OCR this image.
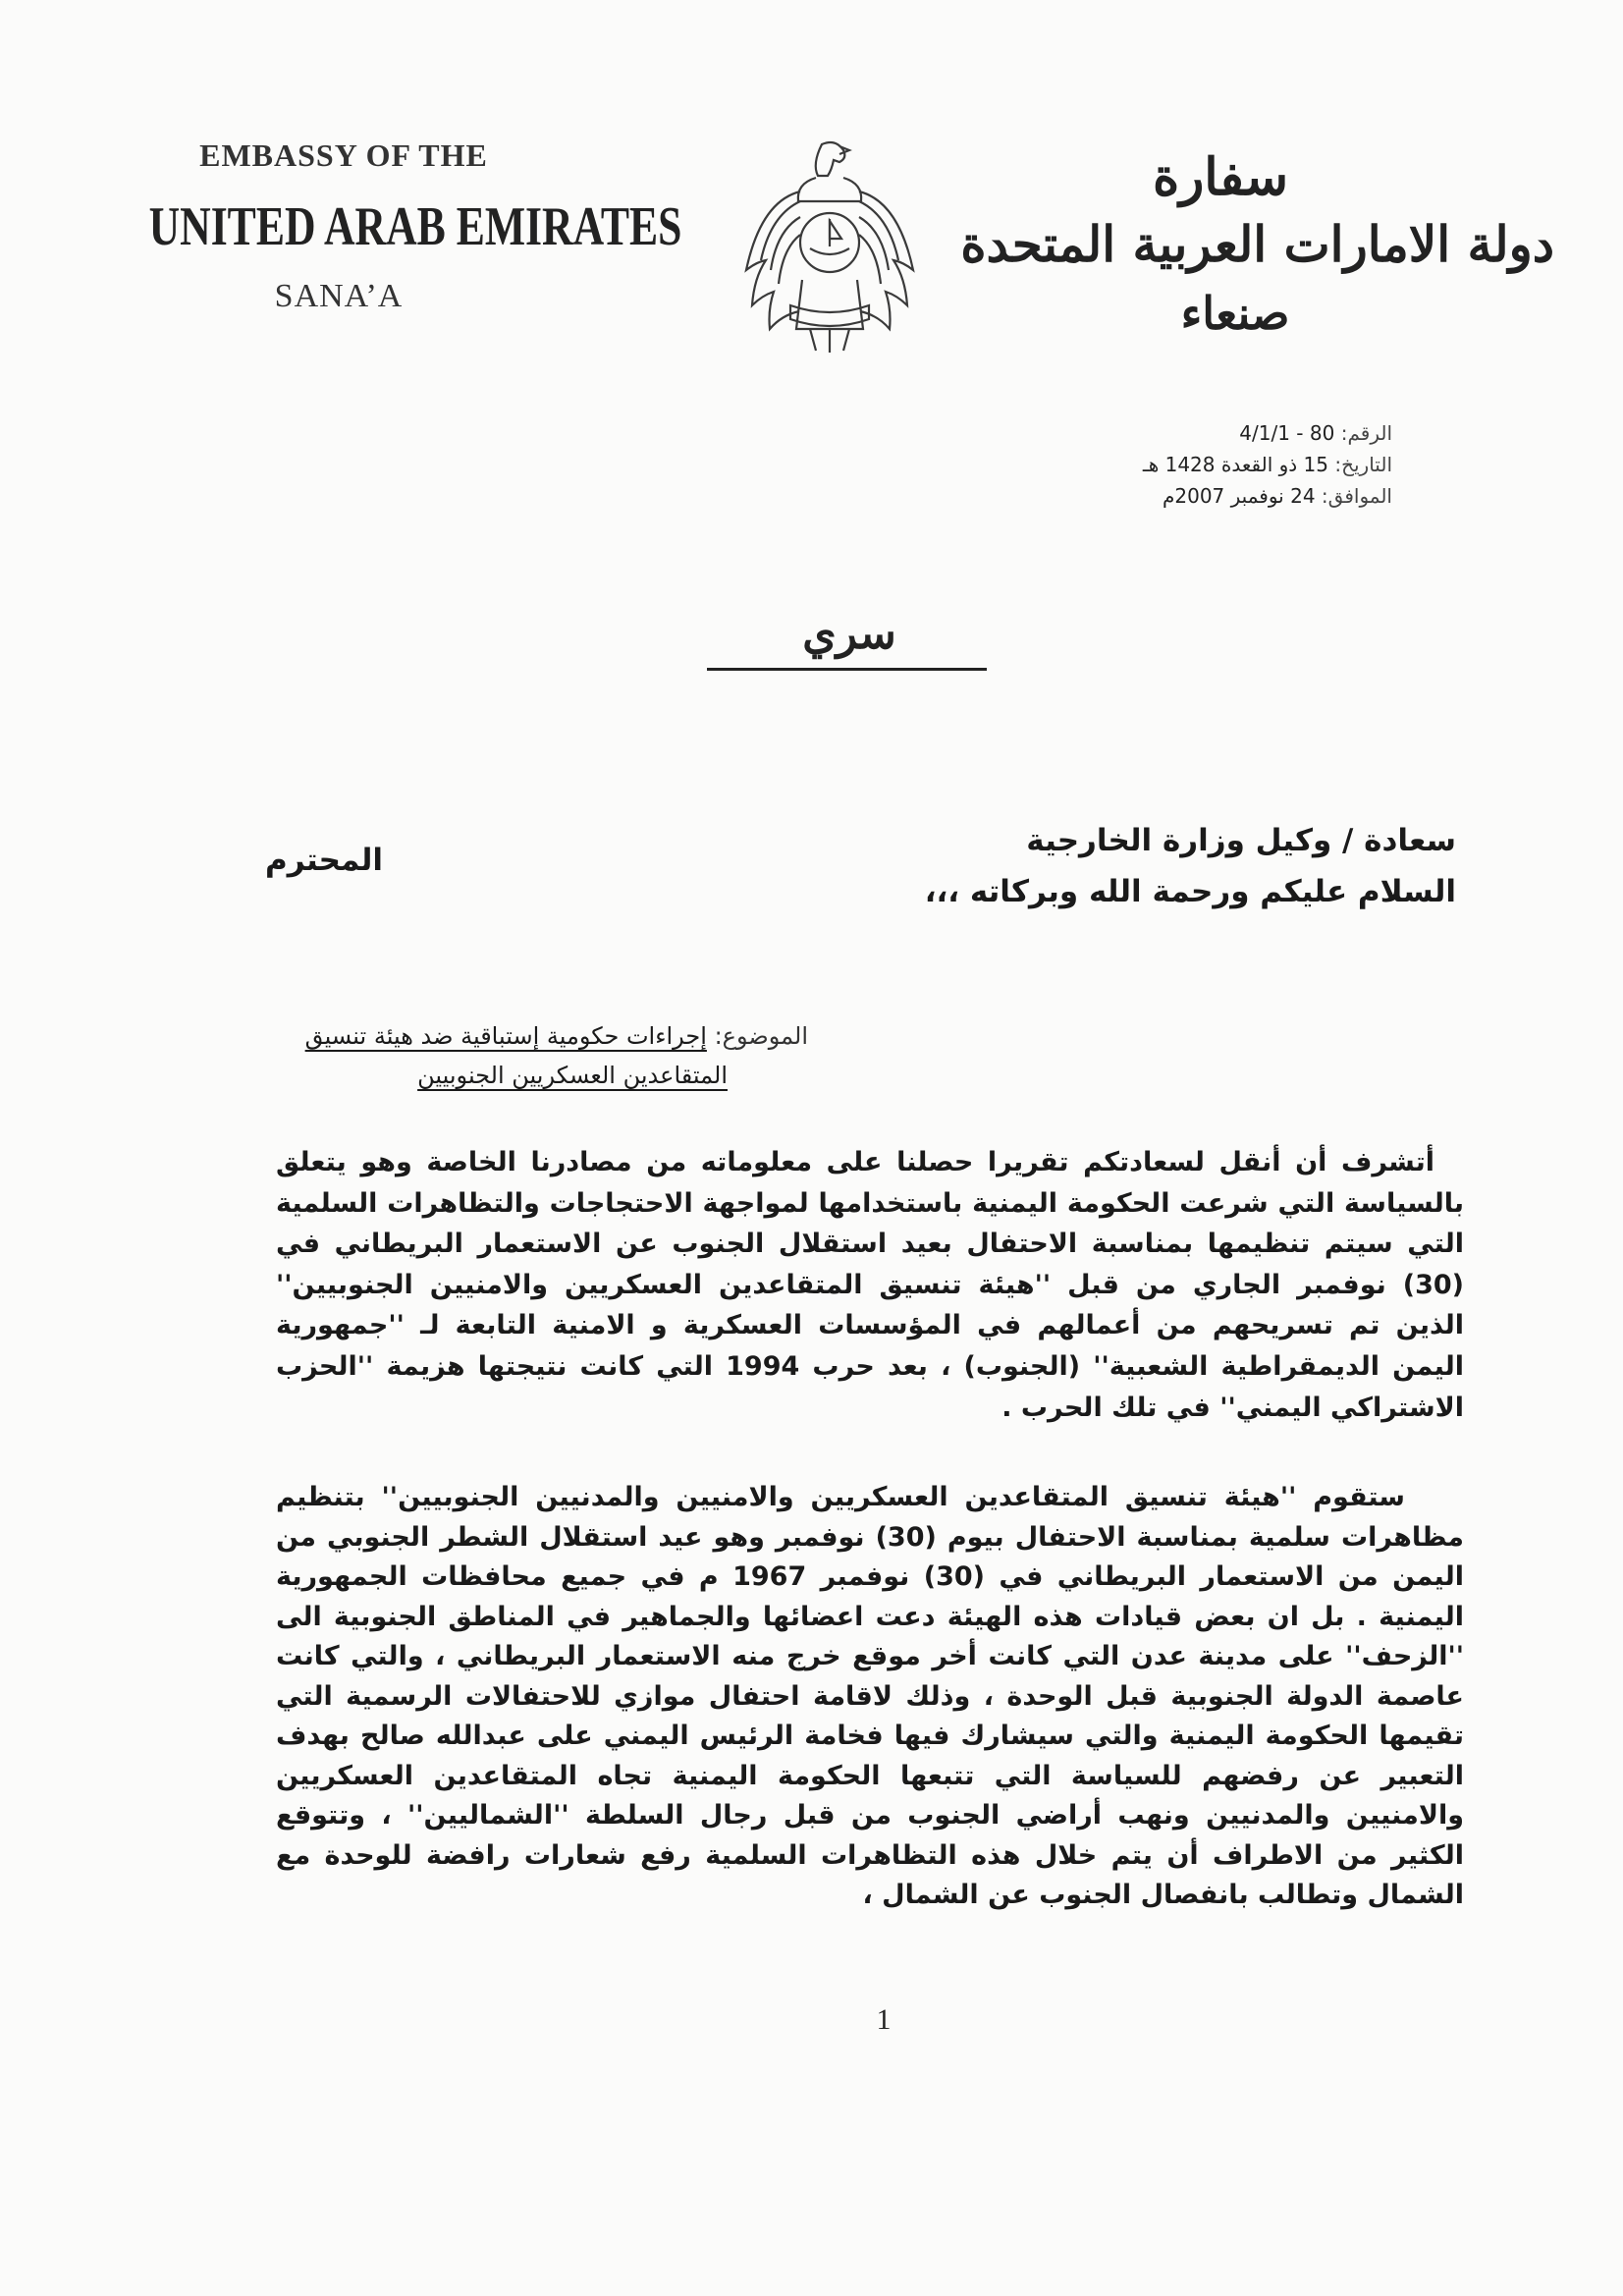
EMBASSY OF THE
UNITED ARAB EMIRATES
SANA’A
سفارة
دولة الامارات العربية المتحدة
صنعاء
الرقم: 80 - 4/1/1
التاريخ: 15 ذو القعدة 1428 هـ
الموافق: 24 نوفمبر 2007م
سري
سعادة / وكيل وزارة الخارجية
السلام عليكم ورحمة الله وبركاته ،،،
المحترم
الموضوع: إجراءات حكومية إستباقية ضد هيئة تنسيق
المتقاعدين العسكريين الجنوبيين
أتشرف أن أنقل لسعادتكم تقريرا حصلنا على معلوماته من مصادرنا الخاصة وهو يتعلق بالسياسة التي شرعت الحكومة اليمنية باستخدامها لمواجهة الاحتجاجات والتظاهرات السلمية التي سيتم تنظيمها بمناسبة الاحتفال بعيد استقلال الجنوب عن الاستعمار البريطاني في (30) نوفمبر الجاري من قبل ''هيئة تنسيق المتقاعدين العسكريين والامنيين الجنوبيين'' الذين تم تسريحهم من أعمالهم في المؤسسات العسكرية و الامنية التابعة لـ ''جمهورية اليمن الديمقراطية الشعبية'' (الجنوب) ، بعد حرب 1994 التي كانت نتيجتها هزيمة ''الحزب الاشتراكي اليمني'' في تلك الحرب .
ستقوم ''هيئة تنسيق المتقاعدين العسكريين والامنيين والمدنيين الجنوبيين'' بتنظيم مظاهرات سلمية بمناسبة الاحتفال بيوم (30) نوفمبر وهو عيد استقلال الشطر الجنوبي من اليمن من الاستعمار البريطاني في (30) نوفمبر 1967 م في جميع محافظات الجمهورية اليمنية . بل ان بعض قيادات هذه الهيئة دعت اعضائها والجماهير في المناطق الجنوبية الى ''الزحف'' على مدينة عدن التي كانت أخر موقع خرج منه الاستعمار البريطاني ، والتي كانت عاصمة الدولة الجنوبية قبل الوحدة ، وذلك لاقامة احتفال موازي للاحتفالات الرسمية التي تقيمها الحكومة اليمنية والتي سيشارك فيها فخامة الرئيس اليمني على عبدالله صالح بهدف التعبير عن رفضهم للسياسة التي تتبعها الحكومة اليمنية تجاه المتقاعدين العسكريين والامنيين والمدنيين ونهب أراضي الجنوب من قبل رجال السلطة ''الشماليين'' ، وتتوقع الكثير من الاطراف أن يتم خلال هذه التظاهرات السلمية رفع شعارات رافضة للوحدة مع الشمال وتطالب بانفصال الجنوب عن الشمال ،
1
